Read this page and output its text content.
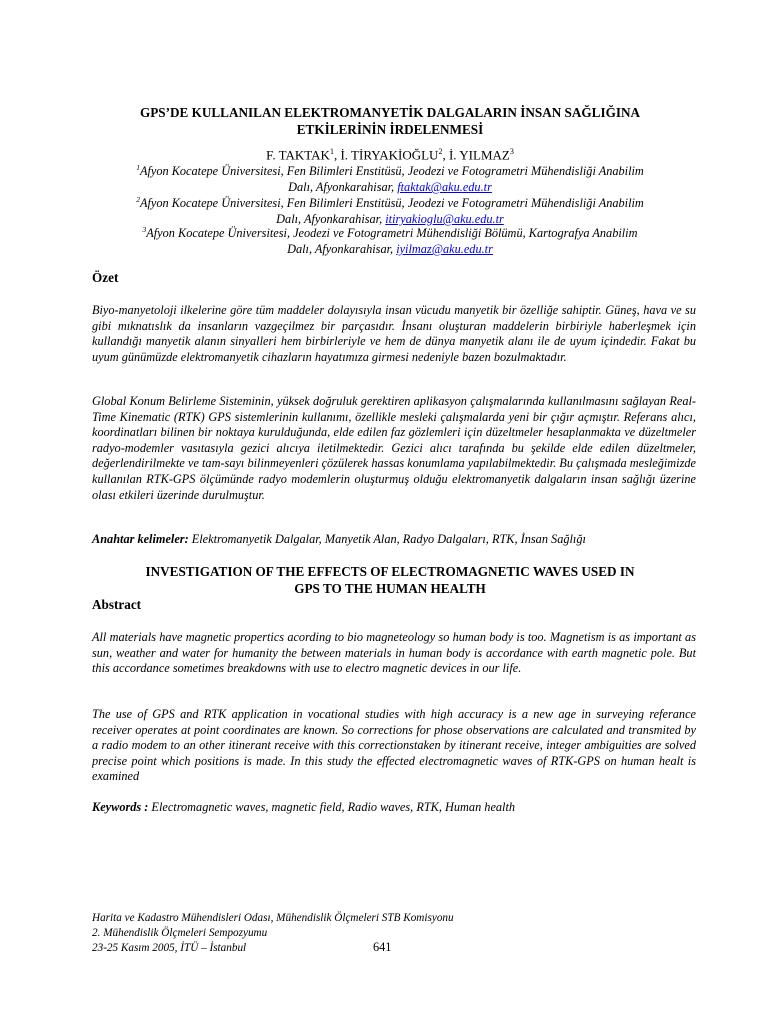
GPS’DE KULLANILAN ELEKTROMANYETİK DALGALARIN İNSAN SAĞLIĞINA
ETKİLERİNİN İRDELENMESİ
F. TAKTAK$^1$, İ. TİRYAKİOĞLU$^2$, İ. YILMAZ$^3$
$^1$Afyon Kocatepe Üniversitesi, Fen Bilimleri Enstitüsü, Jeodezi ve Fotogrametri Mühendisliği Anabilim
Dalı, Afyonkarahisar, ftaktak@aku.edu.tr
$^2$Afyon Kocatepe Üniversitesi, Fen Bilimleri Enstitüsü, Jeodezi ve Fotogrametri Mühendisliği Anabilim
Dalı, Afyonkarahisar, itiryakioglu@aku.edu.tr
$^3$Afyon Kocatepe Üniversitesi, Jeodezi ve Fotogrametri Mühendisliği Bölümü, Kartografya Anabilim
Dalı, Afyonkarahisar, iyilmaz@aku.edu.tr
Özet
Biyo-manyetoloji ilkelerine göre tüm maddeler dolayısıyla insan vücudu manyetik bir özelliğe sahiptir. Güneş, hava ve su gibi mıknatıslık da insanların vazgeçilmez bir parçasıdır. İnsanı oluşturan maddelerin birbiriyle haberleşmek için kullandığı manyetik alanın sinyalleri hem birbirleriyle ve hem de dünya manyetik alanı ile de uyum içindedir. Fakat bu uyum günümüzde elektromanyetik cihazların hayatımıza girmesi nedeniyle bazen bozulmaktadır.
Global Konum Belirleme Sisteminin, yüksek doğruluk gerektiren aplikasyon çalışmalarında kullanılmasını sağlayan Real-Time Kinematic (RTK) GPS sistemlerinin kullanımı, özellikle mesleki çalışmalarda yeni bir çığır açmıştır. Referans alıcı, koordinatları bilinen bir noktaya kurulduğunda, elde edilen faz gözlemleri için düzeltmeler hesaplanmakta ve düzeltmeler radyo-modemler vasıtasıyla gezici alıcıya iletilmektedir. Gezici alıcı tarafında bu şekilde elde edilen düzeltmeler, değerlendirilmekte ve tam-sayı bilinmeyenleri çözülerek hassas konumlama yapılabilmektedir. Bu çalışmada mesleğimizde kullanılan RTK-GPS ölçümünde radyo modemlerin oluşturmuş olduğu elektromanyetik dalgaların insan sağlığı üzerine olası etkileri üzerinde durulmuştur.
Anahtar kelimeler: Elektromanyetik Dalgalar, Manyetik Alan, Radyo Dalgaları, RTK, İnsan Sağlığı
INVESTIGATION OF THE EFFECTS OF ELECTROMAGNETIC WAVES USED IN
GPS TO THE HUMAN HEALTH
Abstract
All materials have magnetic propertics acording to bio magneteology so human body is too. Magnetism is as important as sun, weather and water for humanity the between materials in human body is accordance with earth magnetic pole. But this accordance sometimes breakdowns with use to electro magnetic devices in our life.
The use of GPS and RTK application in vocational studies with high accuracy is a new age in surveying referance receiver operates at point coordinates are known. So corrections for phose observations are calculated and transmited by a radio modem to an other itinerant receive with this correctionstaken by itinerant receive, integer ambiguities are solved precise point which positions is made. In this study the effected electromagnetic waves of RTK-GPS on human healt is examined
Keywords : Electromagnetic waves, magnetic field, Radio waves, RTK, Human health
Harita ve Kadastro Mühendisleri Odası, Mühendislik Ölçmeleri STB Komisyonu
2. Mühendislik Ölçmeleri Sempozyumu
23-25 Kasım 2005, İTÜ – İstanbul	641
